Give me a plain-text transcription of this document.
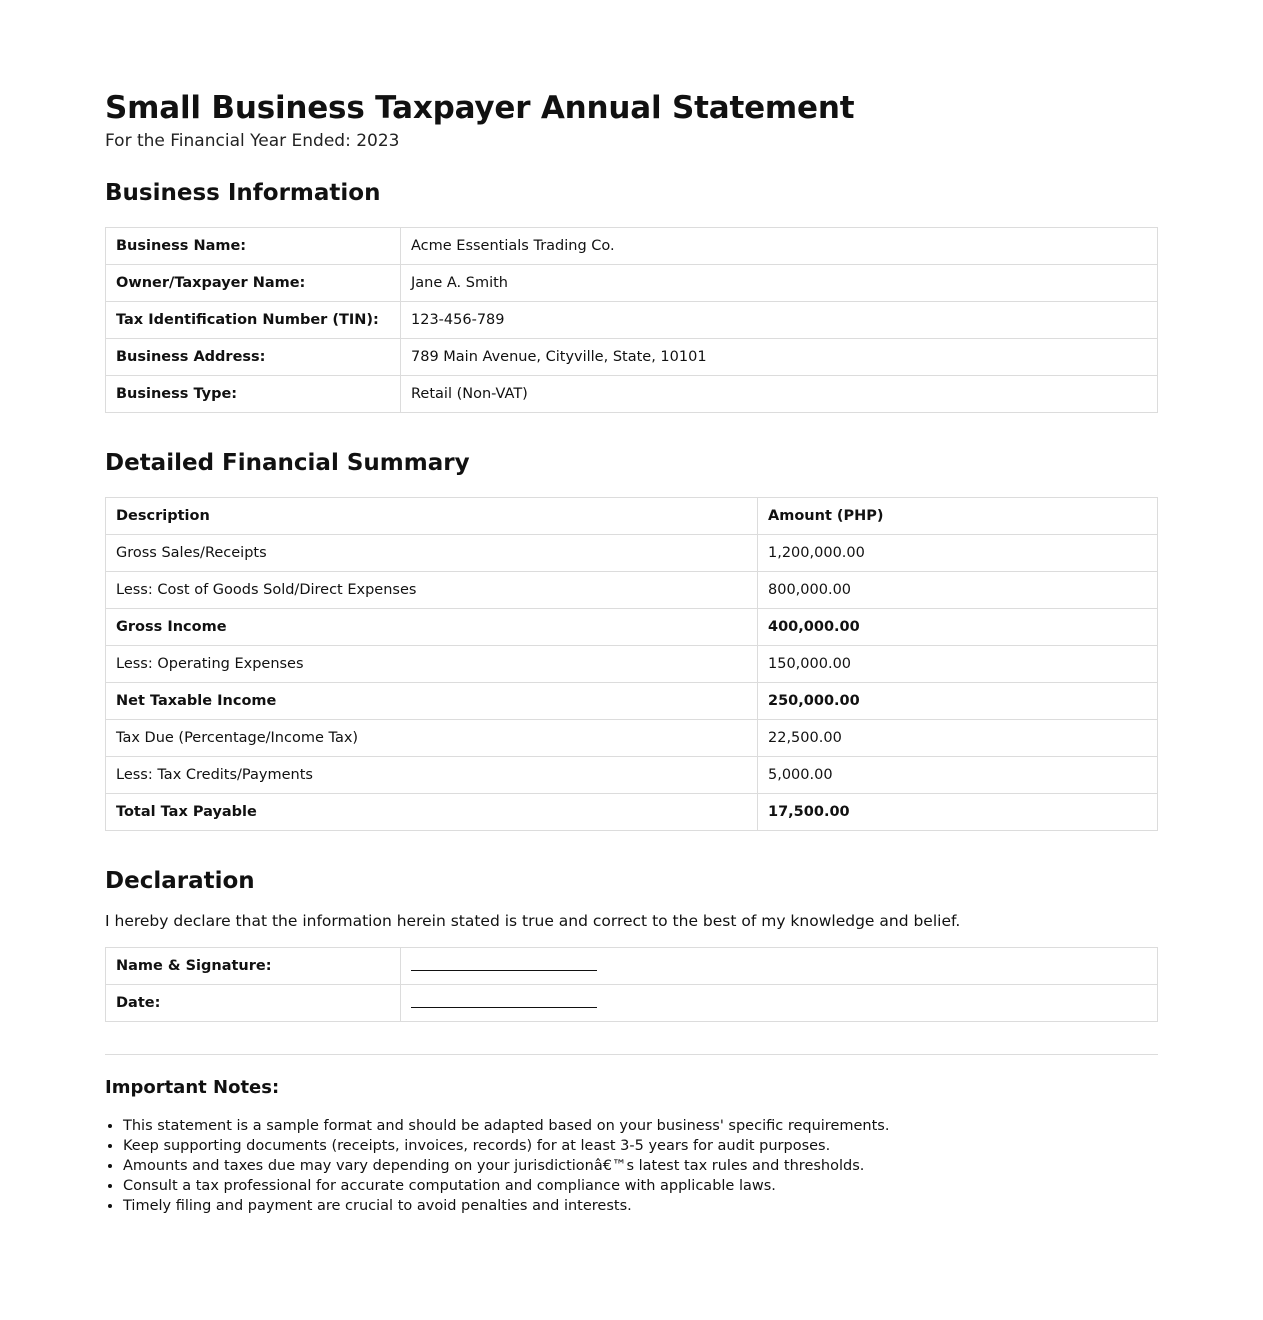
Small Business Taxpayer Annual Statement

For the Financial Year Ended: 2023

Business Information
Business Name:	Acme Essentials Trading Co.
Owner/Taxpayer Name:	Jane A. Smith
Tax Identification Number (TIN):	123-456-789
Business Address:	789 Main Avenue, Cityville, State, 10101
Business Type:	Retail (Non-VAT)
Detailed Financial Summary
Description	Amount (PHP)
Gross Sales/Receipts	1,200,000.00
Less: Cost of Goods Sold/Direct Expenses	800,000.00
Gross Income	400,000.00
Less: Operating Expenses	150,000.00
Net Taxable Income	250,000.00
Tax Due (Percentage/Income Tax)	22,500.00
Less: Tax Credits/Payments	5,000.00
Total Tax Payable	17,500.00
Declaration

I hereby declare that the information herein stated is true and correct to the best of my knowledge and belief.

Name & Signature:	
Date:	
Important Notes:
• This statement is a sample format and should be adapted based on your business' specific requirements.
• Keep supporting documents (receipts, invoices, records) for at least 3-5 years for audit purposes.
• Amounts and taxes due may vary depending on your jurisdictionâ€™s latest tax rules and thresholds.
• Consult a tax professional for accurate computation and compliance with applicable laws.
• Timely filing and payment are crucial to avoid penalties and interests.
